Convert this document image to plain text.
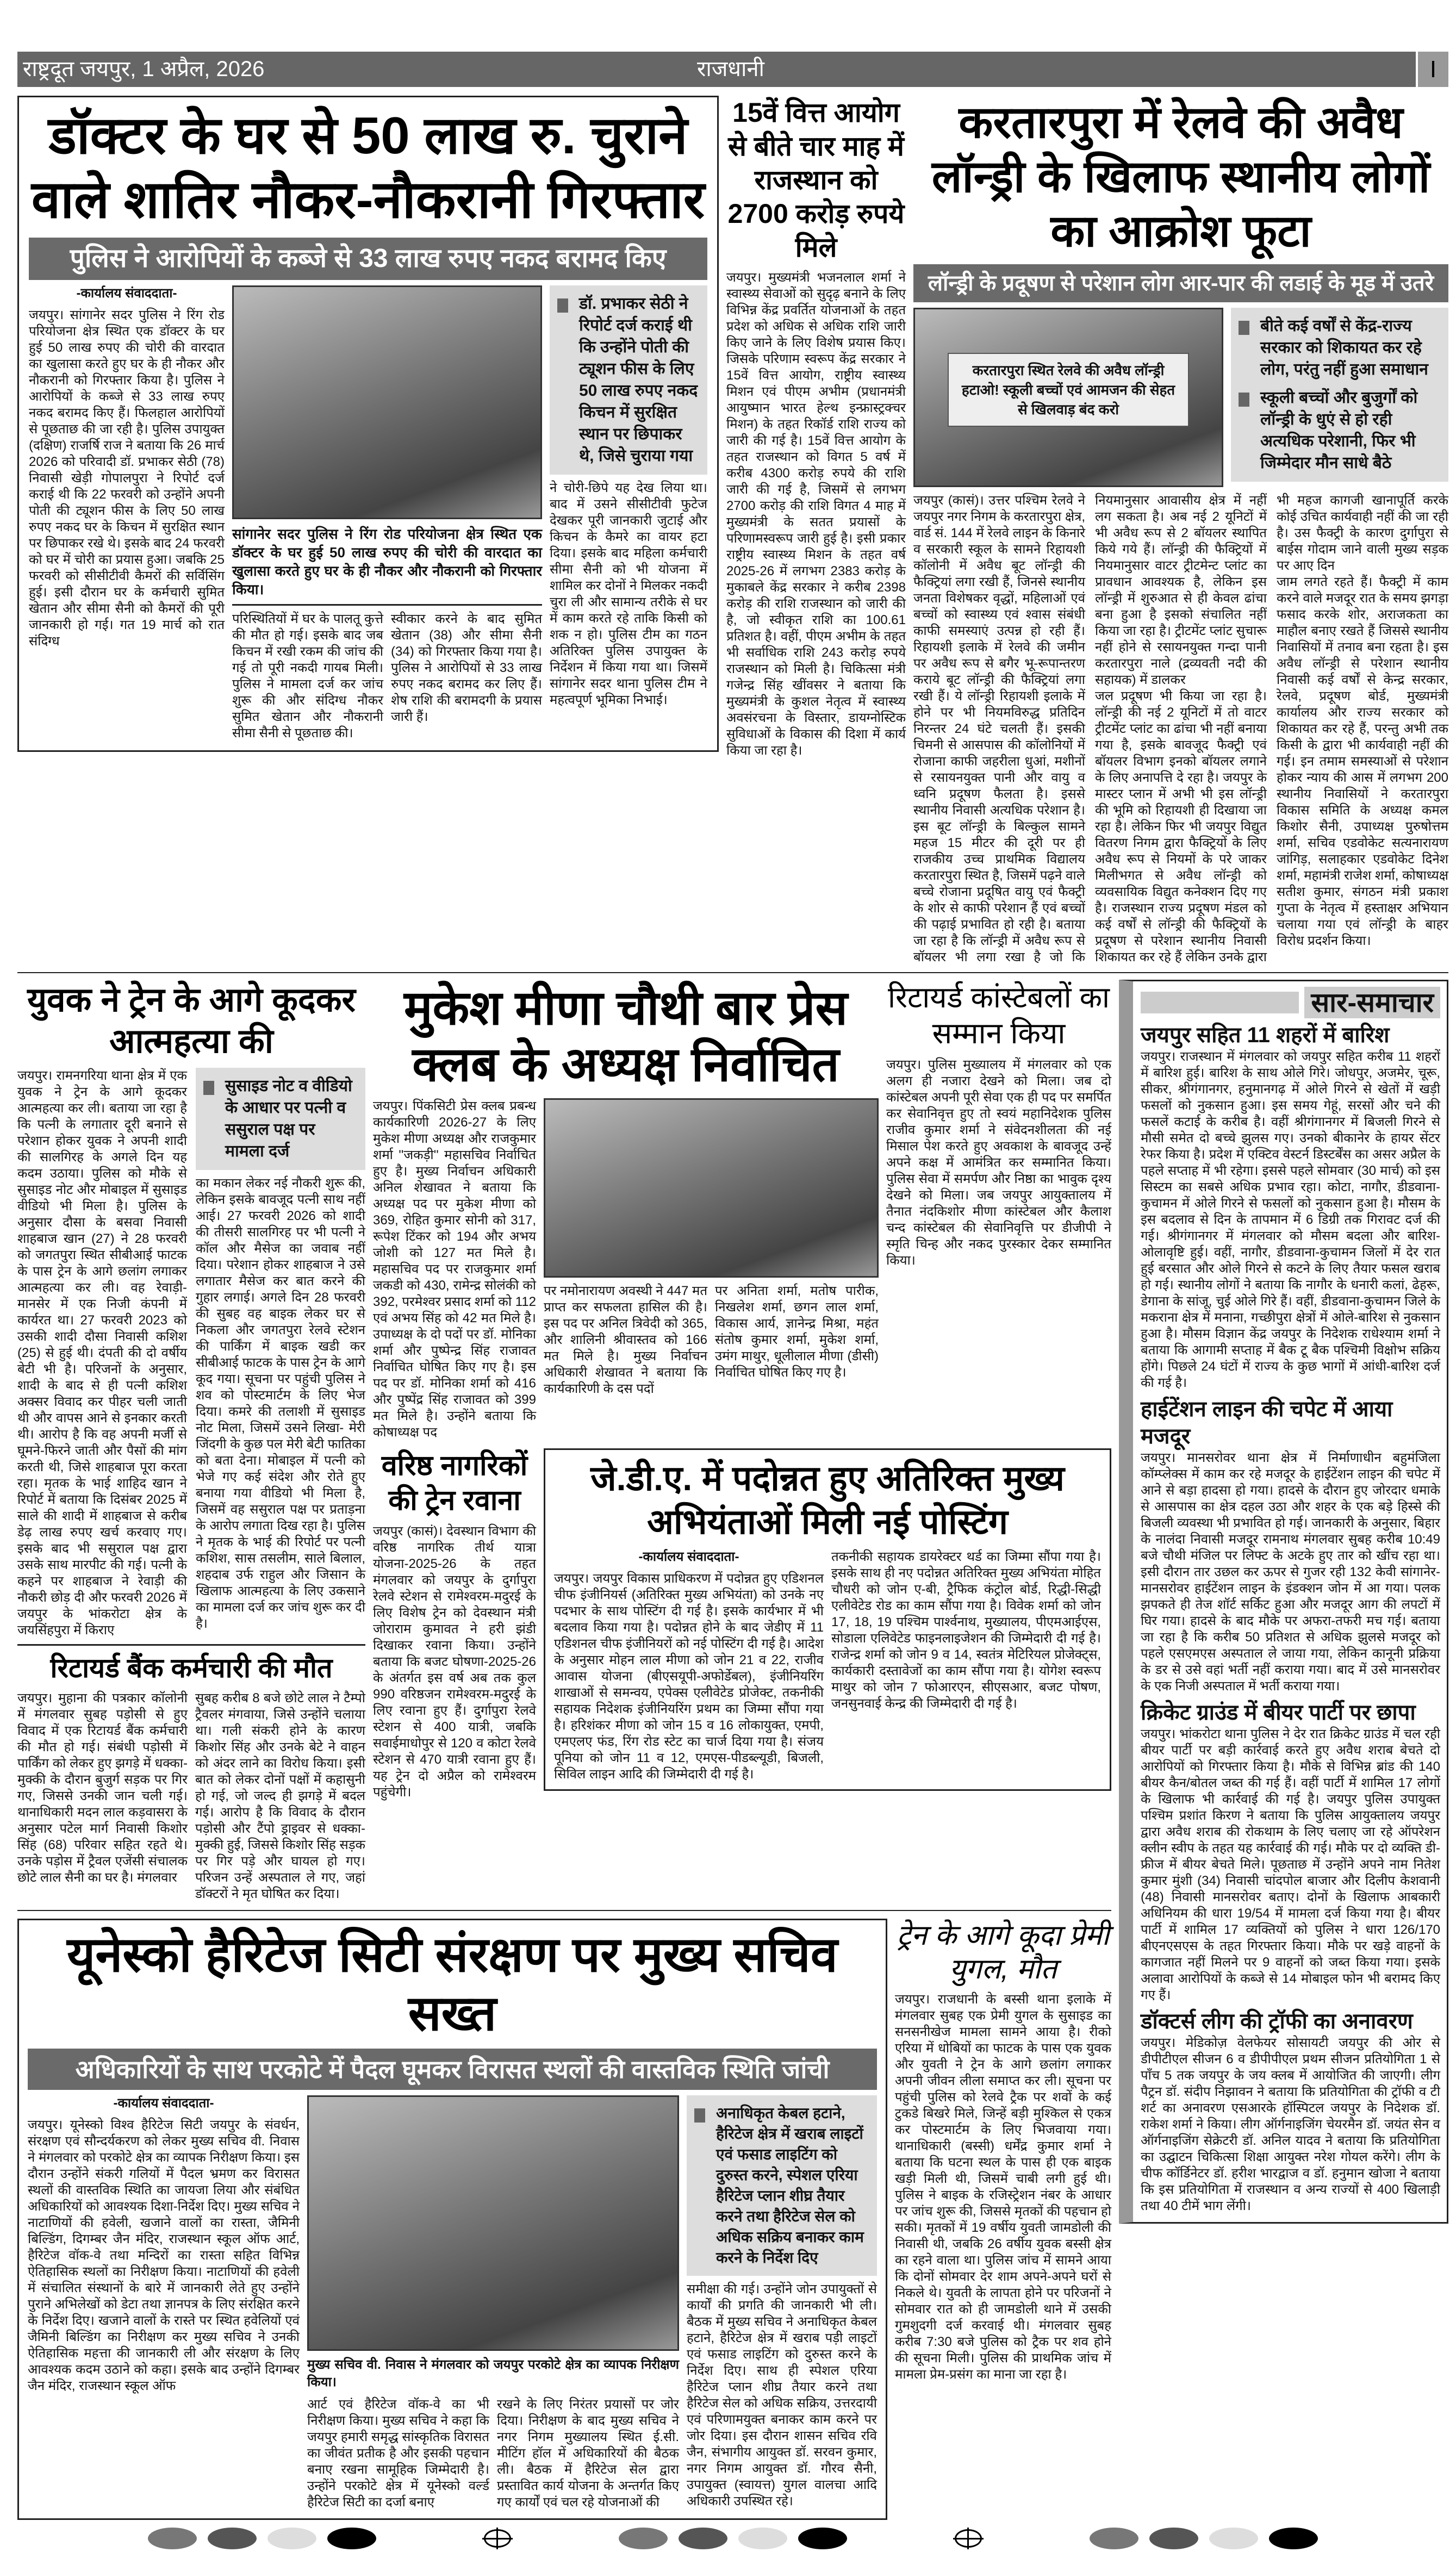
राष्ट्रदूत जयपुर, 1 अप्रैल, 2026	राजधानी	I
डॉक्टर के घर से 50 लाख रु. चुराने वाले शातिर नौकर-नौकरानी गिरफ्तार
पुलिस ने आरोपियों के कब्जे से 33 लाख रुपए नकद बरामद किए
-कार्यालय संवाददाता-
जयपुर। सांगानेर सदर पुलिस ने रिंग रोड परियोजना क्षेत्र स्थित एक डॉक्टर के घर हुई 50 लाख रुपए की चोरी की वारदात का खुलासा करते हुए घर के ही नौकर और नौकरानी को गिरफ्तार किया है। पुलिस ने आरोपियों के कब्जे से 33 लाख रुपए नकद बरामद किए हैं। फिलहाल आरोपियों से पूछताछ की जा रही है। पुलिस उपायुक्त (दक्षिण) राजर्षि राज ने बताया कि 26 मार्च 2026 को परिवादी डॉ. प्रभाकर सेठी (78) निवासी खेड़ी गोपालपुरा ने रिपोर्ट दर्ज कराई थी कि 22 फरवरी को उन्होंने अपनी पोती की ट्यूशन फीस के लिए 50 लाख रुपए नकद घर के किचन में सुरक्षित स्थान पर छिपाकर रखे थे। इसके बाद 24 फरवरी को घर में चोरी का प्रयास हुआ। जबकि 25 फरवरी को सीसीटीवी कैमरों की सर्विसिंग हुई। इसी दौरान घर के कर्मचारी सुमित खेतान और सीमा सैनी को कैमरों की पूरी जानकारी हो गई। गत 19 मार्च को रात संदिग्ध
सांगानेर सदर पुलिस ने रिंग रोड परियोजना क्षेत्र स्थित एक डॉक्टर के घर हुई 50 लाख रुपए की चोरी की वारदात का खुलासा करते हुए घर के ही नौकर और नौकरानी को गिरफ्तार किया।
परिस्थितियों में घर के पालतू कुत्ते की मौत हो गई। इसके बाद जब किचन में रखी रकम की जांच की गई तो पूरी नकदी गायब मिली। पुलिस ने मामला दर्ज कर जांच शुरू की और संदिग्ध नौकर सुमित खेतान और नौकरानी सीमा सैनी से पूछताछ की।
स्वीकार करने के बाद सुमित खेतान (38) और सीमा सैनी (34) को गिरफ्तार किया गया है। पुलिस ने आरोपियों से 33 लाख रुपए नकद बरामद कर लिए हैं। शेष राशि की बरामदगी के प्रयास जारी हैं।
डॉ. प्रभाकर सेठी ने रिपोर्ट दर्ज कराई थी कि उन्होंने पोती की ट्यूशन फीस के लिए 50 लाख रुपए नकद किचन में सुरक्षित स्थान पर छिपाकर थे, जिसे चुराया गया
ने चोरी-छिपे यह देख लिया था। बाद में उसने सीसीटीवी फुटेज देखकर पूरी जानकारी जुटाई और किचन के कैमरे का वायर हटा दिया। इसके बाद महिला कर्मचारी सीमा सैनी को भी योजना में शामिल कर दोनों ने मिलकर नकदी चुरा ली और सामान्य तरीके से घर में काम करते रहे ताकि किसी को शक न हो। पुलिस टीम का गठन अतिरिक्त पुलिस उपायुक्त के निर्देशन में किया गया था। जिसमें सांगानेर सदर थाना पुलिस टीम ने महत्वपूर्ण भूमिका निभाई।
15वें वित्त आयोग से बीते चार माह में राजस्थान को 2700 करोड़ रुपये मिले
जयपुर। मुख्यमंत्री भजनलाल शर्मा ने स्वास्थ्य सेवाओं को सुदृढ़ बनाने के लिए विभिन्न केंद्र प्रवर्तित योजनाओं के तहत प्रदेश को अधिक से अधिक राशि जारी किए जाने के लिए विशेष प्रयास किए। जिसके परिणाम स्वरूप केंद्र सरकार ने 15वें वित्त आयोग, राष्ट्रीय स्वास्थ्य मिशन एवं पीएम अभीम (प्रधानमंत्री आयुष्मान भारत हेल्थ इन्फ्रास्ट्रक्चर मिशन) के तहत रिकॉर्ड राशि राज्य को जारी की गई है। 15वें वित्त आयोग के तहत राजस्थान को विगत 5 वर्ष में करीब 4300 करोड़ रुपये की राशि जारी की गई है, जिसमें से लगभग 2700 करोड़ की राशि विगत 4 माह में मुख्यमंत्री के सतत प्रयासों के परिणामस्वरूप जारी हुई है। इसी प्रकार राष्ट्रीय स्वास्थ्य मिशन के तहत वर्ष 2025-26 में लगभग 2383 करोड़ के मुकाबले केंद्र सरकार ने करीब 2398 करोड़ की राशि राजस्थान को जारी की है, जो स्वीकृत राशि का 100.61 प्रतिशत है। वहीं, पीएम अभीम के तहत भी सर्वाधिक राशि 243 करोड़ रुपये राजस्थान को मिली है। चिकित्सा मंत्री गजेन्द्र सिंह खींवसर ने बताया कि मुख्यमंत्री के कुशल नेतृत्व में स्वास्थ्य अवसंरचना के विस्तार, डायग्नोस्टिक सुविधाओं के विकास की दिशा में कार्य किया जा रहा है।
करतारपुरा में रेलवे की अवैध लॉन्ड्री के खिलाफ स्थानीय लोगों का आक्रोश फूटा
लॉन्ड्री के प्रदूषण से परेशान लोग आर-पार की लडाई के मूड में उतरे
करतारपुरा स्थित रेलवे की अवैध लॉन्ड्री हटाओ! स्कूली बच्चों एवं आमजन की सेहत से खिलवाड़ बंद करो
बीते कई वर्षों से केंद्र-राज्य सरकार को शिकायत कर रहे लोग, परंतु नहीं हुआ समाधान
स्कूली बच्चों और बुजुर्गों को लॉन्ड्री के धुएं से हो रही अत्यधिक परेशानी, फिर भी जिम्मेदार मौन साधे बैठे
जयपुर (कासं)। उत्तर पश्चिम रेलवे ने जयपुर नगर निगम के करतारपुरा क्षेत्र, वार्ड सं. 144 में रेलवे लाइन के किनारे व सरकारी स्कूल के सामने रिहायशी कॉलोनी में अवैध बूट लॉन्ड्री की फैक्ट्रियां लगा रखी हैं, जिनसे स्थानीय जनता विशेषकर वृद्धों, महिलाओं एवं बच्चों को स्वास्थ्य एवं श्वास संबंधी काफी समस्याएं उत्पन्न हो रही हैं। रिहायशी इलाके में रेलवे की जमीन पर अवैध रूप से बगैर भू-रूपान्तरण कराये बूट लॉन्ड्री की फैक्ट्रियां लगा रखी हैं। ये लॉन्ड्री रिहायशी इलाके में होने पर भी नियमविरुद्ध प्रतिदिन निरन्तर 24 घंटे चलती हैं। इसकी चिमनी से आसपास की कॉलोनियों में रोजाना काफी जहरीला धुआं, मशीनों से रसायनयुक्त पानी और वायु व ध्वनि प्रदूषण फैलता है। इससे स्थानीय निवासी अत्यधिक परेशान है। इस बूट लॉन्ड्री के बिल्कुल सामने महज 15 मीटर की दूरी पर ही राजकीय उच्च प्राथमिक विद्यालय करतारपुरा स्थित है, जिसमें पढ़ने वाले बच्चे रोजाना प्रदूषित वायु एवं फैक्ट्री के शोर से काफी परेशान हैं एवं बच्चों की पढ़ाई प्रभावित हो रही है। बताया जा रहा है कि लॉन्ड्री में अवैध रूप से बॉयलर भी लगा रखा है जो कि नियमानुसार आवासीय क्षेत्र में नहीं लग सकता है। अब नई 2 यूनिटों में भी अवैध रूप से 2 बॉयलर स्थापित किये गये हैं। लॉन्ड्री की फैक्ट्रियों में नियमानुसार वाटर ट्रीटमेन्ट प्लांट का प्रावधान आवश्यक है, लेकिन इस लॉन्ड्री में शुरुआत से ही केवल ढांचा बना हुआ है इसको संचालित नहीं किया जा रहा है। ट्रीटमेंट प्लांट सुचारू नहीं होने से रसायनयुक्त गन्दा पानी करतारपुरा नाले (द्रव्यवती नदी की सहायक) में डालकर
जल प्रदूषण भी किया जा रहा है। लॉन्ड्री की नई 2 यूनिटों में तो वाटर ट्रीटमेंट प्लांट का ढांचा भी नहीं बनाया गया है, इसके बावजूद फैक्ट्री एवं बॉयलर विभाग इनको बॉयलर लगाने के लिए अनापत्ति दे रहा है। जयपुर के मास्टर प्लान में अभी भी इस लॉन्ड्री की भूमि को रिहायशी ही दिखाया जा रहा है। लेकिन फिर भी जयपुर विद्युत वितरण निगम द्वारा फैक्ट्रियों के लिए अवैध रूप से नियमों के परे जाकर मिलीभगत से अवैध लॉन्ड्री को व्यवसायिक विद्युत कनेक्शन दिए गए है। राजस्थान राज्य प्रदूषण मंडल को कई वर्षों से लॉन्ड्री की फैक्ट्रियों के प्रदूषण से परेशान स्थानीय निवासी शिकायत कर रहे हैं लेकिन उनके द्वारा भी महज कागजी खानापूर्ति करके कोई उचित कार्यवाही नहीं की जा रही है। उस फैक्ट्री के कारण दुर्गापुरा से बाईस गोदाम जाने वाली मुख्य सड़क पर आए दिन
जाम लगते रहते हैं। फैक्ट्री में काम करने वाले मजदूर रात के समय झगड़ा फसाद करके शोर, अराजकता का माहौल बनाए रखते हैं जिससे स्थानीय निवासियों में तनाव बना रहता है। इस अवैध लॉन्ड्री से परेशान स्थानीय निवासी कई वर्षों से केन्द्र सरकार, रेलवे, प्रदूषण बोर्ड, मुख्यमंत्री कार्यालय और राज्य सरकार को शिकायत कर रहे हैं, परन्तु अभी तक किसी के द्वारा भी कार्यवाही नहीं की गई। इन तमाम समस्याओं से परेशान होकर न्याय की आस में लगभग 200 स्थानीय निवासियों ने करतारपुरा विकास समिति के अध्यक्ष कमल किशोर सैनी, उपाध्यक्ष पुरुषोत्तम शर्मा, सचिव एडवोकेट सत्यनारायण जांगिड़, सलाहकार एडवोकेट दिनेश शर्मा, महामंत्री राजेश शर्मा, कोषाध्यक्ष सतीश कुमार, संगठन मंत्री प्रकाश गुप्ता के नेतृत्व में हस्ताक्षर अभियान चलाया गया एवं लॉन्ड्री के बाहर विरोध प्रदर्शन किया।
युवक ने ट्रेन के आगे कूदकर आत्महत्या की
जयपुर। रामनगरिया थाना क्षेत्र में एक युवक ने ट्रेन के आगे कूदकर आत्महत्या कर ली। बताया जा रहा है कि पत्नी के लगातार दूरी बनाने से परेशान होकर युवक ने अपनी शादी की सालगिरह के अगले दिन यह कदम उठाया। पुलिस को मौके से सुसाइड नोट और मोबाइल में सुसाइड वीडियो भी मिला है। पुलिस के अनुसार दौसा के बसवा निवासी शाहबाज खान (27) ने 28 फरवरी को जगतपुरा स्थित सीबीआई फाटक के पास ट्रेन के आगे छलांग लगाकर आत्महत्या कर ली। वह रेवाड़ी-मानसेर में एक निजी कंपनी में कार्यरत था। 27 फरवरी 2023 को उसकी शादी दौसा निवासी कशिश (25) से हुई थी। दंपती की दो वर्षीय बेटी भी है। परिजनों के अनुसार, शादी के बाद से ही पत्नी कशिश अक्सर विवाद कर पीहर चली जाती थी और वापस आने से इनकार करती थी। आरोप है कि वह अपनी मर्जी से घूमने-फिरने जाती और पैसों की मांग करती थी, जिसे शाहबाज पूरा करता रहा। मृतक के भाई शाहिद खान ने रिपोर्ट में बताया कि दिसंबर 2025 में साले की शादी में शाहबाज से करीब डेढ़ लाख रुपए खर्च करवाए गए। इसके बाद भी ससुराल पक्ष द्वारा उसके साथ मारपीट की गई। पत्नी के कहने पर शाहबाज ने रेवाड़ी की नौकरी छोड़ दी और फरवरी 2026 में जयपुर के भांकरोटा क्षेत्र के जयसिंहपुरा में किराए
सुसाइड नोट व वीडियो के आधार पर पत्नी व ससुराल पक्ष पर मामला दर्ज
का मकान लेकर नई नौकरी शुरू की, लेकिन इसके बावजूद पत्नी साथ नहीं आई। 27 फरवरी 2026 को शादी की तीसरी सालगिरह पर भी पत्नी ने कॉल और मैसेज का जवाब नहीं दिया। परेशान होकर शाहबाज ने उसे लगातार मैसेज कर बात करने की गुहार लगाई। अगले दिन 28 फरवरी की सुबह वह बाइक लेकर घर से निकला और जगतपुरा रेलवे स्टेशन की पार्किंग में बाइक खडी कर सीबीआई फाटक के पास ट्रेन के आगे कूद गया। सूचना पर पहुंची पुलिस ने शव को पोस्टमार्टम के लिए भेज दिया। कमरे की तलाशी में सुसाइड नोट मिला, जिसमें उसने लिखा- मेरी जिंदगी के कुछ पल मेरी बेटी फातिका को बता देना। मोबाइल में पत्नी को भेजे गए कई संदेश और रोते हुए बनाया गया वीडियो भी मिला है, जिसमें वह ससुराल पक्ष पर प्रताड़ना के आरोप लगाता दिख रहा है। पुलिस ने मृतक के भाई की रिपोर्ट पर पत्नी कशिश, सास तसलीम, साले बिलाल, शहदाब उर्फ राहुल और जिसान के खिलाफ आत्महत्या के लिए उकसाने का मामला दर्ज कर जांच शुरू कर दी है।
रिटायर्ड बैंक कर्मचारी की मौत
जयपुर। मुहाना की पत्रकार कॉलोनी में मंगलवार सुबह पड़ोसी से हुए विवाद में एक रिटायर्ड बैंक कर्मचारी की मौत हो गई। संबंधी पड़ोसी में पार्किंग को लेकर हुए झगड़े में धक्का-मुक्की के दौरान बुजुर्ग सड़क पर गिर गए, जिससे उनकी जान चली गई। थानाधिकारी मदन लाल कड़वासरा के अनुसार पटेल मार्ग निवासी किशोर सिंह (68) परिवार सहित रहते थे। उनके पड़ोस में ट्रैवल एजेंसी संचालक छोटे लाल सैनी का घर है। मंगलवार
सुबह करीब 8 बजे छोटे लाल ने टैम्पो ट्रैवलर मंगवाया, जिसे उन्होंने चलाया था। गली संकरी होने के कारण किशोर सिंह और उनके बेटे ने वाहन को अंदर लाने का विरोध किया। इसी बात को लेकर दोनों पक्षों में कहासुनी हो गई, जो जल्द ही झगड़े में बदल गई। आरोप है कि विवाद के दौरान पड़ोसी और टैंपो ड्राइवर से धक्का-मुक्की हुई, जिससे किशोर सिंह सड़क पर गिर पड़े और घायल हो गए। परिजन उन्हें अस्पताल ले गए, जहां डॉक्टरों ने मृत घोषित कर दिया।
मुकेश मीणा चौथी बार प्रेस क्लब के अध्यक्ष निर्वाचित
जयपुर। पिंकसिटी प्रेस क्लब प्रबन्ध कार्यकारिणी 2026-27 के लिए मुकेश मीणा अध्यक्ष और राजकुमार शर्मा ''जकड़ी'' महासचिव निर्वाचित हुए है। मुख्य निर्वाचन अधिकारी अनिल शेखावत ने बताया कि अध्यक्ष पद पर मुकेश मीणा को 369, रोहित कुमार सोनी को 317, रूपेश टिंकर को 194 और अभय जोशी को 127 मत मिले है। महासचिव पद पर राजकुमार शर्मा जकडी को 430, रामेन्द्र सोलंकी को 392, परमेश्वर प्रसाद शर्मा को 112 एवं अभय सिंह को 42 मत मिले है। उपाध्यक्ष के दो पदों पर डॉ. मोनिका शर्मा और पुष्पेन्द्र सिंह राजावत निर्वाचित घोषित किए गए है। इस पद पर डॉ. मोनिका शर्मा को 416 और पुष्पेंद्र सिंह राजावत को 399 मत मिले है। उन्होंने बताया कि कोषाध्यक्ष पद
पर नमोनारायण अवस्थी ने 447 मत प्राप्त कर सफलता हासिल की है। इस पद पर अनिल त्रिवेदी को 365, और शालिनी श्रीवास्तव को 166 मत मिले है। मुख्य निर्वाचन अधिकारी शेखावत ने बताया कि कार्यकारिणी के दस पदों
पर अनिता शर्मा, मतोष पारीक, निखलेश शर्मा, छगन लाल शर्मा, विकास आर्य, ज्ञानेन्द्र मिश्रा, महंत संतोष कुमार शर्मा, मुकेश शर्मा, उमंग माथुर, धूलीलाल मीणा (डीसी) निर्वाचित घोषित किए गए है।
रिटायर्ड कांस्टेबलों का सम्मान किया
जयपुर। पुलिस मुख्यालय में मंगलवार को एक अलग ही नजारा देखने को मिला। जब दो कांस्टेबल अपनी पूरी सेवा एक ही पद पर समर्पित कर सेवानिवृत्त हुए तो स्वयं महानिदेशक पुलिस राजीव कुमार शर्मा ने संवेदनशीलता की नई मिसाल पेश करते हुए अवकाश के बावजूद उन्हें अपने कक्ष में आमंत्रित कर सम्मानित किया। पुलिस सेवा में समर्पण और निष्ठा का भावुक दृश्य देखने को मिला। जब जयपुर आयुक्तालय में तैनात नंदकिशोर मीणा कांस्टेबल और कैलाश चन्द कांस्टेबल की सेवानिवृत्ति पर डीजीपी ने स्मृति चिन्ह और नकद पुरस्कार देकर सम्मानित किया।
वरिष्ठ नागरिकों की ट्रेन रवाना
जयपुर (कासं)। देवस्थान विभाग की वरिष्ठ नागरिक तीर्थ यात्रा योजना-2025-26 के तहत मंगलवार को जयपुर के दुर्गापुरा रेलवे स्टेशन से रामेश्वरम-मदुरई के लिए विशेष ट्रेन को देवस्थान मंत्री जोराराम कुमावत ने हरी झंडी दिखाकर रवाना किया। उन्होंने बताया कि बजट घोषणा-2025-26 के अंतर्गत इस वर्ष अब तक कुल 990 वरिष्ठजन रामेश्वरम-मदुरई के लिए रवाना हुए हैं। दुर्गापुरा रेलवे स्टेशन से 400 यात्री, जबकि सवाईमाधोपुर से 120 व कोटा रेलवे स्टेशन से 470 यात्री रवाना हुए हैं। यह ट्रेन दो अप्रैल को रामेश्वरम पहुंचेगी।
जे.डी.ए. में पदोन्नत हुए अतिरिक्त मुख्य अभियंताओं मिली नई पोस्टिंग
-कार्यालय संवाददाता-
जयपुर। जयपुर विकास प्राधिकरण में पदोन्नत हुए एडिशनल चीफ इंजीनियर्स (अतिरिक्त मुख्य अभियंता) को उनके नए पदभार के साथ पोस्टिंग दी गई है। इसके कार्यभार में भी बदलाव किया गया है। पदोन्नत होने के बाद जेडीए में 11 एडिशनल चीफ इंजीनियरों को नई पोस्टिंग दी गई है। आदेश के अनुसार मोहन लाल मीणा को जोन 21 व 22, राजीव आवास योजना (बीएसयूपी-अफोर्डेबल), इंजीनियरिंग शाखाओं से समन्वय, एपेक्स एलीवेटेड प्रोजेक्ट, तकनीकी सहायक निदेशक इंजीनियरिंग प्रथम का जिम्मा सौंपा गया है। हरिशंकर मीणा को जोन 15 व 16 लोकायुक्त, एमपी, एमएलए फंड, रिंग रोड स्टेट का चार्ज दिया गया है। संजय पूनिया को जोन 11 व 12, एमएस-पीडब्ल्यूडी, बिजली, सिविल लाइन आदि की जिम्मेदारी दी गई है।
तकनीकी सहायक डायरेक्टर थर्ड का जिम्मा सौंपा गया है। इसके साथ ही नए पदोन्नत अतिरिक्त मुख्य अभियंता मोहित चौधरी को जोन ए-बी, ट्रैफिक कंट्रोल बोर्ड, रिद्धी-सिद्धी एलीवेटेड रोड का काम सौंपा गया है। विवेक शर्मा को जोन 17, 18, 19 पश्चिम पार्श्वनाथ, मुख्यालय, पीएमआईएस, सोडाला एलिवेटेड फाइनलाइजेशन की जिम्मेदारी दी गई है। राजेन्द्र शर्मा को जोन 9 व 14, स्वतंत्र मेटिरियल प्रोजेक्ट्स, कार्यकारी दस्तावेजों का काम सौंपा गया है। योगेश स्वरूप माथुर को जोन 7 फोआरएन, सीएसआर, बजट पोषण, जनसुनवाई केन्द्र की जिम्मेदारी दी गई है।
यूनेस्को हैरिटेज सिटी संरक्षण पर मुख्य सचिव सख्त
अधिकारियों के साथ परकोटे में पैदल घूमकर विरासत स्थलों की वास्तविक स्थिति जांची
-कार्यालय संवाददाता-
जयपुर। यूनेस्को विश्व हैरिटेज सिटी जयपुर के संवर्धन, संरक्षण एवं सौन्दर्यकरण को लेकर मुख्य सचिव वी. निवास ने मंगलवार को परकोटे क्षेत्र का व्यापक निरीक्षण किया। इस दौरान उन्होंने संकरी गलियों में पैदल भ्रमण कर विरासत स्थलों की वास्तविक स्थिति का जायजा लिया और संबंधित अधिकारियों को आवश्यक दिशा-निर्देश दिए। मुख्य सचिव ने नाटाणियों की हवेली, खजाने वालों का रास्ता, जैमिनी बिल्डिंग, दिगम्बर जैन मंदिर, राजस्थान स्कूल ऑफ आर्ट, हैरिटेज वॉक-वे तथा मन्दिरों का रास्ता सहित विभिन्न ऐतिहासिक स्थलों का निरीक्षण किया। नाटाणियों की हवेली में संचालित संस्थानों के बारे में जानकारी लेते हुए उन्होंने पुराने अभिलेखों को डेटा तथा ज्ञानपत्र के लिए संरक्षित करने के निर्देश दिए। खजाने वालों के रास्ते पर स्थित हवेलियों एवं जैमिनी बिल्डिंग का निरीक्षण कर मुख्य सचिव ने उनकी ऐतिहासिक महत्ता की जानकारी ली और संरक्षण के लिए आवश्यक कदम उठाने को कहा। इसके बाद उन्होंने दिगम्बर जैन मंदिर, राजस्थान स्कूल ऑफ
मुख्य सचिव वी. निवास ने मंगलवार को जयपुर परकोटे क्षेत्र का व्यापक निरीक्षण किया।
आर्ट एवं हैरिटेज वॉक-वे का भी निरीक्षण किया। मुख्य सचिव ने कहा कि जयपुर हमारी समृद्ध सांस्कृतिक विरासत का जीवंत प्रतीक है और इसकी पहचान बनाए रखना सामूहिक जिम्मेदारी है। उन्होंने परकोटे क्षेत्र में यूनेस्को वर्ल्ड हैरिटेज सिटी का दर्जा बनाए
रखने के लिए निरंतर प्रयासों पर जोर दिया। निरीक्षण के बाद मुख्य सचिव ने नगर निगम मुख्यालय स्थित ई.सी. मीटिंग हॉल में अधिकारियों की बैठक ली। बैठक में हैरिटेज सेल द्वारा प्रस्तावित कार्य योजना के अन्तर्गत किए गए कार्यों एवं चल रहे योजनाओं की
अनाधिकृत केबल हटाने, हैरिटेज क्षेत्र में खराब लाइटों एवं फसाड लाइटिंग को दुरुस्त करने, स्पेशल एरिया हैरिटेज प्लान शीघ्र तैयार करने तथा हैरिटेज सेल को अधिक सक्रिय बनाकर काम करने के निर्देश दिए
समीक्षा की गई। उन्होंने जोन उपायुक्तों से कार्यों की प्रगति की जानकारी भी ली। बैठक में मुख्य सचिव ने अनाधिकृत केबल हटाने, हैरिटेज क्षेत्र में खराब पड़ी लाइटों एवं फसाड लाइटिंग को दुरुस्त करने के निर्देश दिए। साथ ही स्पेशल एरिया हैरिटेज प्लान शीघ्र तैयार करने तथा हैरिटेज सेल को अधिक सक्रिय, उत्तरदायी एवं परिणामयुक्त बनाकर काम करने पर जोर दिया। इस दौरान शासन सचिव रवि जैन, संभागीय आयुक्त डॉ. सरवन कुमार, नगर निगम आयुक्त डॉ. गौरव सैनी, उपायुक्त (स्वायत्त) युगल वालचा आदि अधिकारी उपस्थित रहे।
ट्रेन के आगे कूदा प्रेमी युगल, मौत
जयपुर। राजधानी के बस्सी थाना इलाके में मंगलवार सुबह एक प्रेमी युगल के सुसाइड का सनसनीखेज मामला सामने आया है। रीको एरिया में धोबियों का फाटक के पास एक युवक और युवती ने ट्रेन के आगे छलांग लगाकर अपनी जीवन लीला समाप्त कर ली। सूचना पर पहुंची पुलिस को रेलवे ट्रैक पर शवों के कई टुकडे बिखरे मिले, जिन्हें बड़ी मुश्किल से एकत्र कर पोस्टमार्टम के लिए भिजवाया गया। थानाधिकारी (बस्सी) धर्मेंद्र कुमार शर्मा ने बताया कि घटना स्थल के पास ही एक बाइक खड़ी मिली थी, जिसमें चाबी लगी हुई थी। पुलिस ने बाइक के रजिस्ट्रेशन नंबर के आधार पर जांच शुरू की, जिससे मृतकों की पहचान हो सकी। मृतकों में 19 वर्षीय युवती जामडोली की निवासी थी, जबकि 26 वर्षीय युवक बस्सी क्षेत्र का रहने वाला था। पुलिस जांच में सामने आया कि दोनों सोमवार देर शाम अपने-अपने घरों से निकले थे। युवती के लापता होने पर परिजनों ने सोमवार रात को ही जामडोली थाने में उसकी गुमशुदगी दर्ज करवाई थी। मंगलवार सुबह करीब 7:30 बजे पुलिस को ट्रैक पर शव होने की सूचना मिली। पुलिस की प्राथमिक जांच में मामला प्रेम-प्रसंग का माना जा रहा है।
सार-समाचार
जयपुर सहित 11 शहरों में बारिश
जयपुर। राजस्थान में मंगलवार को जयपुर सहित करीब 11 शहरों में बारिश हुई। बारिश के साथ ओले गिरे। जोधपुर, अजमेर, चूरू, सीकर, श्रीगंगानगर, हनुमानगढ़ में ओले गिरने से खेतों में खड़ी फसलों को नुकसान हुआ। इस समय गेहूं, सरसों और चने की फसलें कटाई के करीब है। वहीं श्रीगंगानगर में बिजली गिरने से मौसी समेत दो बच्चे झुलस गए। उनको बीकानेर के हायर सेंटर रेफर किया है। प्रदेश में एक्टिव वेस्टर्न डिस्टर्बेंस का असर अप्रैल के पहले सप्ताह में भी रहेगा। इससे पहले सोमवार (30 मार्च) को इस सिस्टम का सबसे अधिक प्रभाव रहा। कोटा, नागौर, डीडवाना-कुचामन में ओले गिरने से फसलों को नुकसान हुआ है। मौसम के इस बदलाव से दिन के तापमान में 6 डिग्री तक गिरावट दर्ज की गई। श्रीगंगानगर में मंगलवार को मौसम बदला और बारिश-ओलावृष्टि हुई। वहीं, नागौर, डीडवाना-कुचामन जिलों में देर रात हुई बरसात और ओले गिरने से कटने के लिए तैयार फसल खराब हो गई। स्थानीय लोगों ने बताया कि नागौर के धनारी कलां, ढेहरू, डेगाना के सांजू, चुई ओले गिरे हैं। वहीं, डीडवाना-कुचामन जिले के मकराना क्षेत्र में मनाना, गच्छीपुरा क्षेत्रों में ओले-बारिश से नुकसान हुआ है। मौसम विज्ञान केंद्र जयपुर के निदेशक राधेश्याम शर्मा ने बताया कि आगामी सप्ताह में बैक टू बैक पश्चिमी विक्षोभ सक्रिय होंगे। पिछले 24 घंटों में राज्य के कुछ भागों में आंधी-बारिश दर्ज की गई है।
हाईटेंशन लाइन की चपेट में आया मजदूर
जयपुर। मानसरोवर थाना क्षेत्र में निर्माणाधीन बहुमंजिला कॉम्प्लेक्स में काम कर रहे मजदूर के हाईटेंशन लाइन की चपेट में आने से बड़ा हादसा हो गया। हादसे के दौरान हुए जोरदार धमाके से आसपास का क्षेत्र दहल उठा और शहर के एक बड़े हिस्से की बिजली व्यवस्था भी प्रभावित हो गई। जानकारी के अनुसार, बिहार के नालंदा निवासी मजदूर रामनाथ मंगलवार सुबह करीब 10:49 बजे चौथी मंजिल पर लिफ्ट के अटके हुए तार को खींच रहा था। इसी दौरान तार उछल कर ऊपर से गुजर रही 132 केवी सांगानेर-मानसरोवर हाईटेंशन लाइन के इंडक्शन जोन में आ गया। पलक झपकते ही तेज शॉर्ट सर्किट हुआ और मजदूर आग की लपटों में घिर गया। हादसे के बाद मौके पर अफरा-तफरी मच गई। बताया जा रहा है कि करीब 50 प्रतिशत से अधिक झुलसे मजदूर को पहले एसएमएस अस्पताल ले जाया गया, लेकिन कानूनी प्रक्रिया के डर से उसे वहां भर्ती नहीं कराया गया। बाद में उसे मानसरोवर के एक निजी अस्पताल में भर्ती कराया गया।
क्रिकेट ग्राउंड में बीयर पार्टी पर छापा
जयपुर। भांकरोटा थाना पुलिस ने देर रात क्रिकेट ग्राउंड में चल रही बीयर पार्टी पर बड़ी कार्रवाई करते हुए अवैध शराब बेचते दो आरोपियों को गिरफ्तार किया है। मौके से विभिन्न ब्रांड की 140 बीयर कैन/बोतल जब्त की गई हैं। वहीं पार्टी में शामिल 17 लोगों के खिलाफ भी कार्रवाई की गई है। जयपुर पुलिस उपायुक्त पश्चिम प्रशांत किरण ने बताया कि पुलिस आयुक्तालय जयपुर द्वारा अवैध शराब की रोकथाम के लिए चलाए जा रहे ऑपरेशन क्लीन स्वीप के तहत यह कार्रवाई की गई। मौके पर दो व्यक्ति डी-फ्रीज में बीयर बेचते मिले। पूछताछ में उन्होंने अपने नाम नितेश कुमार मुंशी (34) निवासी चांदपोल बाजार और दिलीप केशवानी (48) निवासी मानसरोवर बताए। दोनों के खिलाफ आबकारी अधिनियम की धारा 19/54 में मामला दर्ज किया गया है। बीयर पार्टी में शामिल 17 व्यक्तियों को पुलिस ने धारा 126/170 बीएनएसएस के तहत गिरफ्तार किया। मौके पर खड़े वाहनों के कागजात नहीं मिलने पर 9 वाहनों को जब्त किया गया। इसके अलावा आरोपियों के कब्जे से 14 मोबाइल फोन भी बरामद किए गए हैं।
डॉक्टर्स लीग की ट्रॉफी का अनावरण
जयपुर। मेडिकोज़ वेलफेयर सोसायटी जयपुर की ओर से डीपीटीएल सीजन 6 व डीपीपीएल प्रथम सीजन प्रतियोगिता 1 से पाँच 5 तक जयपुर के जय क्लब में आयोजित की जाएगी। लीग पैट्रन डॉ. संदीप निझावन ने बताया कि प्रतियोगिता की ट्रॉफी व टी शर्ट का अनावरण एसआरके हॉस्पिटल जयपुर के निदेशक डॉ. राकेश शर्मा ने किया। लीग ऑर्गनाइजिंग चेयरमैन डॉ. जयंत सेन व ऑर्गनाइजिंग सेक्रेटरी डॉ. अनिल यादव ने बताया कि प्रतियोगिता का उद्घाटन चिकित्सा शिक्षा आयुक्त नरेश गोयल करेंगे। लीग के चीफ कॉर्डिनेटर डॉ. हरीश भारद्वाज व डॉ. हनुमान खोजा ने बताया कि इस प्रतियोगिता में राजस्थान व अन्य राज्यों से 400 खिलाड़ी तथा 40 टीमें भाग लेंगी।
